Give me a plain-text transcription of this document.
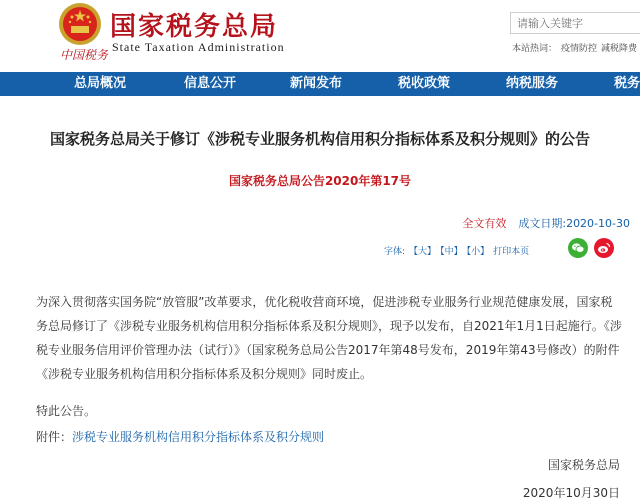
国家税务总局
State Taxation Administration
中国税务
请输入关键字	本站热词： 疫情防控 减税降费
总局概况	信息公开	新闻发布	税收政策	纳税服务	税务
国家税务总局关于修订《涉税专业服务机构信用积分指标体系及积分规则》的公告
国家税务总局公告2020年第17号
全文有效 成文日期:2020-10-30
字体: 【大】 【中】 【小】 打印本页

为深入贯彻落实国务院“放管服”改革要求，优化税收营商环境，促进涉税专业服务行业规范健康发展，国家税务总局修订了《涉税专业服务机构信用积分指标体系及积分规则》，现予以发布，自2021年1月1日起施行。《涉税专业服务信用评价管理办法（试行）》（国家税务总局公告2017年第48号发布，2019年第43号修改）的附件《涉税专业服务机构信用积分指标体系及积分规则》同时废止。

特此公告。
附件：涉税专业服务机构信用积分指标体系及积分规则
国家税务总局
2020年10月30日
